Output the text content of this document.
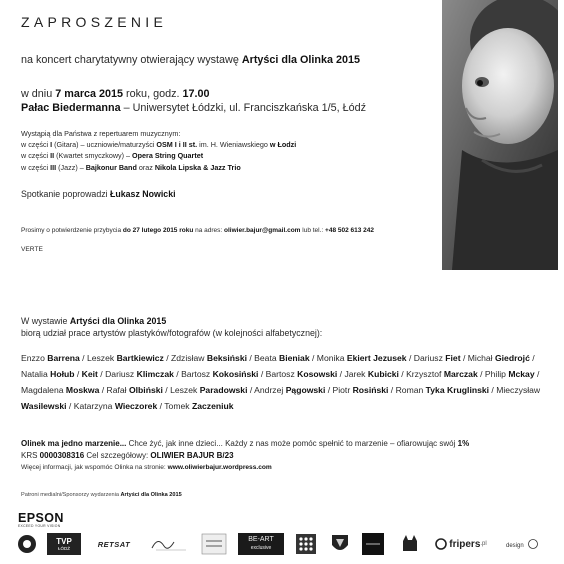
ZAPROSZENIE
na koncert charytatywny otwierający wystawę Artyści dla Olinka 2015
w dniu 7 marca 2015 roku, godz. 17.00
Pałac Biedermanna – Uniwersytet Łódzki, ul. Franciszkańska 1/5, Łódź
Wystąpią dla Państwa z repertuarem muzycznym:
w części I (Gitara) – uczniowie/maturzyści OSM I i II st. im. H. Wieniawskiego w Łodzi
w części II (Kwartet smyczkowy) – Opera String Quartet
w części III (Jazz) – Bajkonur Band oraz Nikola Lipska & Jazz Trio
Spotkanie poprowadzi Łukasz Nowicki
Prosimy o potwierdzenie przybycia do 27 lutego 2015 roku na adres: oliwier.bajur@gmail.com lub tel.: +48 502 613 242
VERTE
W wystawie Artyści dla Olinka 2015
biorą udział prace artystów plastyków/fotografów (w kolejności alfabetycznej):
Enzzo Barrena / Leszek Bartkiewicz / Zdzisław Beksiński / Beata Bieniak / Monika Ekiert Jezusek / Dariusz Fiet / Michał Giedrojć / Natalia Hołub / Keit / Dariusz Klimczak / Bartosz Kokosiński / Bartosz Kosowski / Jarek Kubicki / Krzysztof Marczak / Philip Mckay / Magdalena Moskwa / Rafał Olbiński / Leszek Paradowski / Andrzej Pągowski / Piotr Rosiński / Roman Tyka Kruglinski / Mieczysław Wasilewski / Katarzyna Wieczorek / Tomek Zaczeniuk
Olinek ma jedno marzenie... Chce żyć, jak inne dzieci... Każdy z nas może pomóc spełnić to marzenie – ofiarowując swój 1%
KRS 0000308316 Cel szczegółowy: OLIWIER BAJUR B/23
Więcej informacji, jak wspomóc Olinka na stronie: www.oliwierbajur.wordpress.com
Patroni medialni/Sponsorzy wydarzenia Artyści dla Olinka 2015
EPSON
EXCEED YOUR VISION
TVP
ŁÓDŹ	RETSAT	BE-ART
exclusive	fripers .pl	design
